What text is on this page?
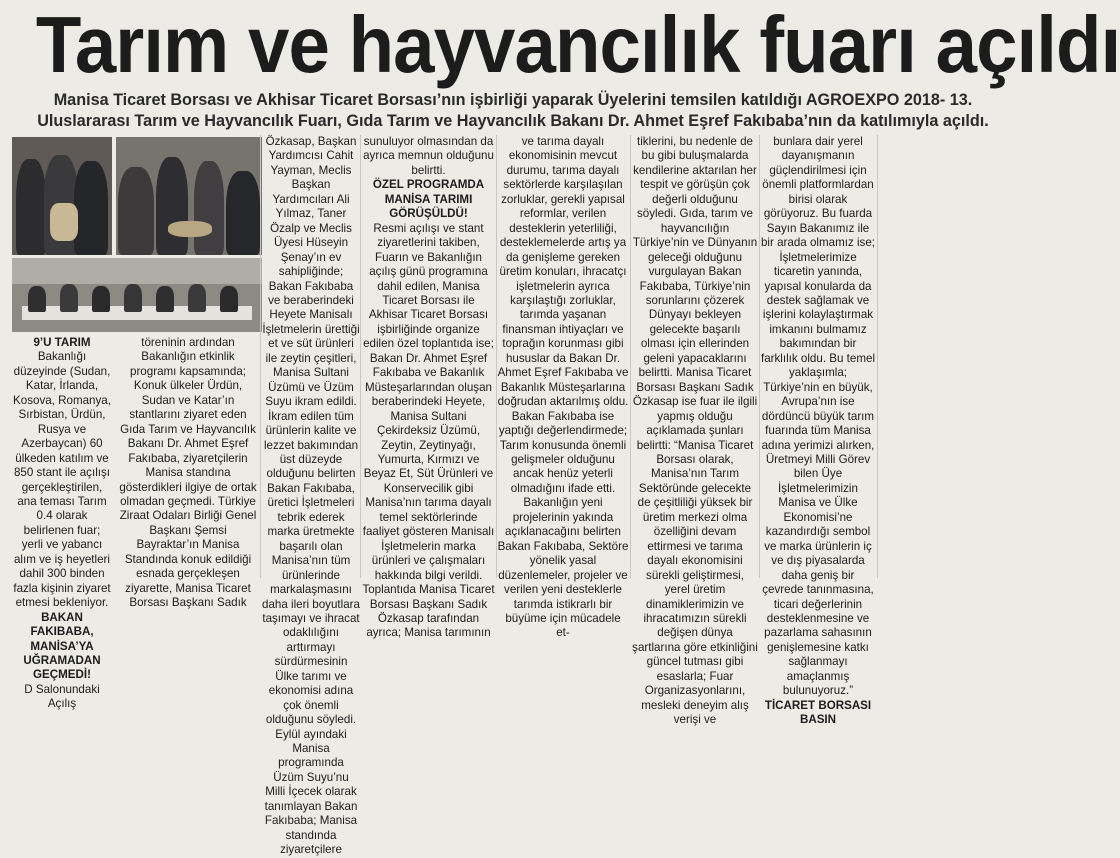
Tarım ve hayvancılık fuarı açıldı
Manisa Ticaret Borsası ve Akhisar Ticaret Borsası’nın işbirliği yaparak Üyelerini temsilen katıldığı AGROEXPO 2018- 13. Uluslararası Tarım ve Hayvancılık Fuarı, Gıda Tarım ve Hayvancılık Bakanı Dr. Ahmet Eşref Fakıbaba’nın da katılımıyla açıldı.

9’U TARIM Bakanlığı düzeyinde (Sudan, Katar, İrlanda, Kosova, Romanya, Sırbistan, Ürdün, Rusya ve Azerbaycan) 60 ülkeden katılım ve 850 stant ile açılışı gerçekleştirilen, ana teması Tarım 0.4 olarak belirlenen fuar; yerli ve yabancı alım ve iş heyetleri dahil 300 binden fazla kişinin ziyaret etmesi bekleniyor.

BAKAN FAKIBABA, MANİSA’YA UĞRAMADAN GEÇMEDİ!

D Salonundaki Açılış

töreninin ardından Bakanlığın etkinlik programı kapsamında; Konuk ülkeler Ürdün, Sudan ve Katar’ın stantlarını ziyaret eden Gıda Tarım ve Hayvancılık Bakanı Dr. Ahmet Eşref Fakıbaba, ziyaretçilerin Manisa standına gösterdikleri ilgiye de ortak olmadan geçmedi. Türkiye Ziraat Odaları Birliği Genel Başkanı Şemsi Bayraktar’ın Manisa Standında konuk edildiği esnada gerçekleşen ziyarette, Manisa Ticaret Borsası Başkanı Sadık

Özkasap, Başkan Yardımcısı Cahit Yayman, Meclis Başkan Yardımcıları Ali Yılmaz, Taner Özalp ve Meclis Üyesi Hüseyin Şenay’ın ev sahipliğinde; Bakan Fakıbaba ve beraberindeki Heyete Manisalı İşletmelerin ürettiği et ve süt ürünleri ile zeytin çeşitleri, Manisa Sultani Üzümü ve Üzüm Suyu ikram edildi. İkram edilen tüm ürünlerin kalite ve lezzet bakımından üst düzeyde olduğunu belirten Bakan Fakıbaba, üretici İşletmeleri tebrik ederek marka üretmekte başarılı olan Manisa’nın tüm ürünlerinde markalaşmasını daha ileri boyutlara taşımayı ve ihracat odaklılığını arttırmayı sürdürmesinin Ülke tarımı ve ekonomisi adına çok önemli olduğunu söyledi. Eylül ayındaki Manisa programında Üzüm Suyu’nu Milli İçecek olarak tanımlayan Bakan Fakıbaba; Manisa standında ziyaretçilere

sunuluyor olmasından da ayrıca memnun olduğunu belirtti.

ÖZEL PROGRAMDA MANİSA TARIMI GÖRÜŞÜLDÜ!

Resmi açılışı ve stant ziyaretlerini takiben, Fuarın ve Bakanlığın açılış günü programına dahil edilen, Manisa Ticaret Borsası ile Akhisar Ticaret Borsası işbirliğinde organize edilen özel toplantıda ise; Bakan Dr. Ahmet Eşref Fakıbaba ve Bakanlık Müsteşarlarından oluşan beraberindeki Heyete, Manisa Sultani Çekirdeksiz Üzümü, Zeytin, Zeytinyağı, Yumurta, Kırmızı ve Beyaz Et, Süt Ürünleri ve Konservecilik gibi Manisa’nın tarıma dayalı temel sektörlerinde faaliyet gösteren Manisalı İşletmelerin marka ürünleri ve çalışmaları hakkında bilgi verildi. Toplantıda Manisa Ticaret Borsası Başkanı Sadık Özkasap tarafından ayrıca; Manisa tarımının

ve tarıma dayalı ekonomisinin mevcut durumu, tarıma dayalı sektörlerde karşılaşılan zorluklar, gerekli yapısal reformlar, verilen desteklerin yeterliliği, desteklemelerde artış ya da genişleme gereken üretim konuları, ihracatçı işletmelerin ayrıca karşılaştığı zorluklar, tarımda yaşanan finansman ihtiyaçları ve toprağın korunması gibi hususlar da Bakan Dr. Ahmet Eşref Fakıbaba ve Bakanlık Müsteşarlarına doğrudan aktarılmış oldu. Bakan Fakıbaba ise yaptığı değerlendirmede; Tarım konusunda önemli gelişmeler olduğunu ancak henüz yeterli olmadığını ifade etti. Bakanlığın yeni projelerinin yakında açıklanacağını belirten Bakan Fakıbaba, Sektöre yönelik yasal düzenlemeler, projeler ve verilen yeni desteklerle tarımda istikrarlı bir büyüme için mücadele et-

tiklerini, bu nedenle de bu gibi buluşmalarda kendilerine aktarılan her tespit ve görüşün çok değerli olduğunu söyledi. Gıda, tarım ve hayvancılığın Türkiye’nin ve Dünyanın geleceği olduğunu vurgulayan Bakan Fakıbaba, Türkiye’nin sorunlarını çözerek Dünyayı bekleyen gelecekte başarılı olması için ellerinden geleni yapacaklarını belirtti. Manisa Ticaret Borsası Başkanı Sadık Özkasap ise fuar ile ilgili yapmış olduğu açıklamada şunları belirtti: “Manisa Ticaret Borsası olarak, Manisa’nın Tarım Sektöründe gelecekte de çeşitliliği yüksek bir üretim merkezi olma özelliğini devam ettirmesi ve tarıma dayalı ekonomisini sürekli geliştirmesi, yerel üretim dinamiklerimizin ve ihracatımızın sürekli değişen dünya şartlarına göre etkinliğini güncel tutması gibi esaslarla; Fuar Organizasyonlarını, mesleki deneyim alış verişi ve

bunlara dair yerel dayanışmanın güçlendirilmesi için önemli platformlardan birisi olarak görüyoruz. Bu fuarda Sayın Bakanımız ile bir arada olmamız ise; İşletmelerimize ticaretin yanında, yapısal konularda da destek sağlamak ve işlerini kolaylaştırmak imkanını bulmamız bakımından bir farklılık oldu. Bu temel yaklaşımla; Türkiye’nin en büyük, Avrupa’nın ise dördüncü büyük tarım fuarında tüm Manisa adına yerimizi alırken, Üretmeyi Milli Görev bilen Üye İşletmelerimizin Manisa ve Ülke Ekonomisi’ne kazandırdığı sembol ve marka ürünlerin iç ve dış piyasalarda daha geniş bir çevrede tanınmasına, ticari değerlerinin desteklenmesine ve pazarlama sahasının genişlemesine katkı sağlanmayı amaçlanmış bulunuyoruz.”

TİCARET BORSASI BASIN
